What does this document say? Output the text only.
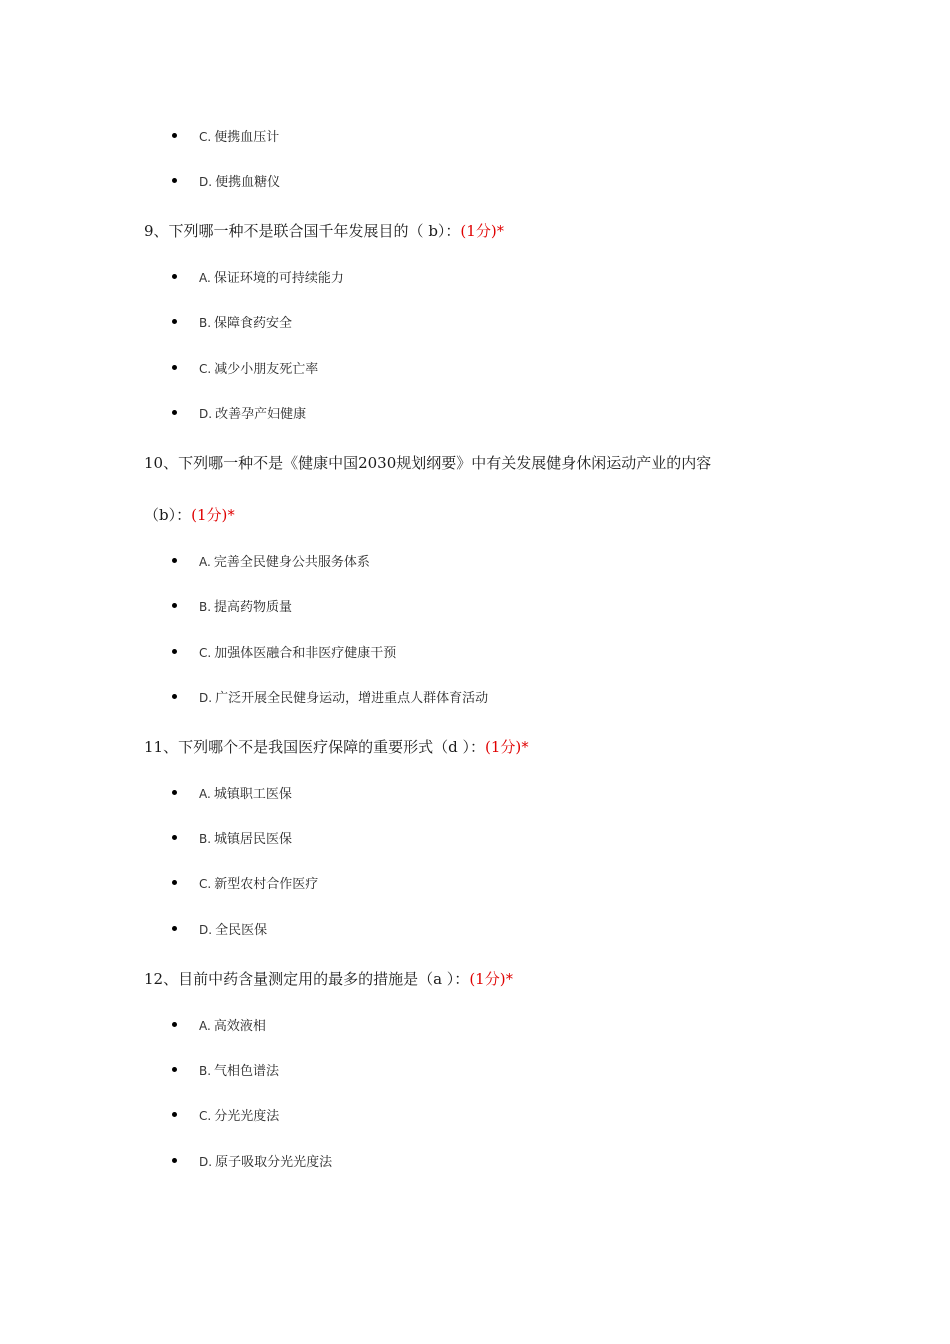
C. 便携血压计
D. 便携血糖仪
9、下列哪一种不是联合国千年发展目的（ b）：(1分)*
A. 保证环境的可持续能力
B. 保障食药安全
C. 减少小朋友死亡率
D. 改善孕产妇健康
10、下列哪一种不是《健康中国2030规划纲要》中有关发展健身休闲运动产业的内容
（b）：(1分)*
A. 完善全民健身公共服务体系
B. 提高药物质量
C. 加强体医融合和非医疗健康干预
D. 广泛开展全民健身运动，增进重点人群体育活动
11、下列哪个不是我国医疗保障的重要形式（d ）：(1分)*
A. 城镇职工医保
B. 城镇居民医保
C. 新型农村合作医疗
D. 全民医保
12、目前中药含量测定用的最多的措施是（a ）：(1分)*
A. 高效液相
B. 气相色谱法
C. 分光光度法
D. 原子吸取分光光度法
